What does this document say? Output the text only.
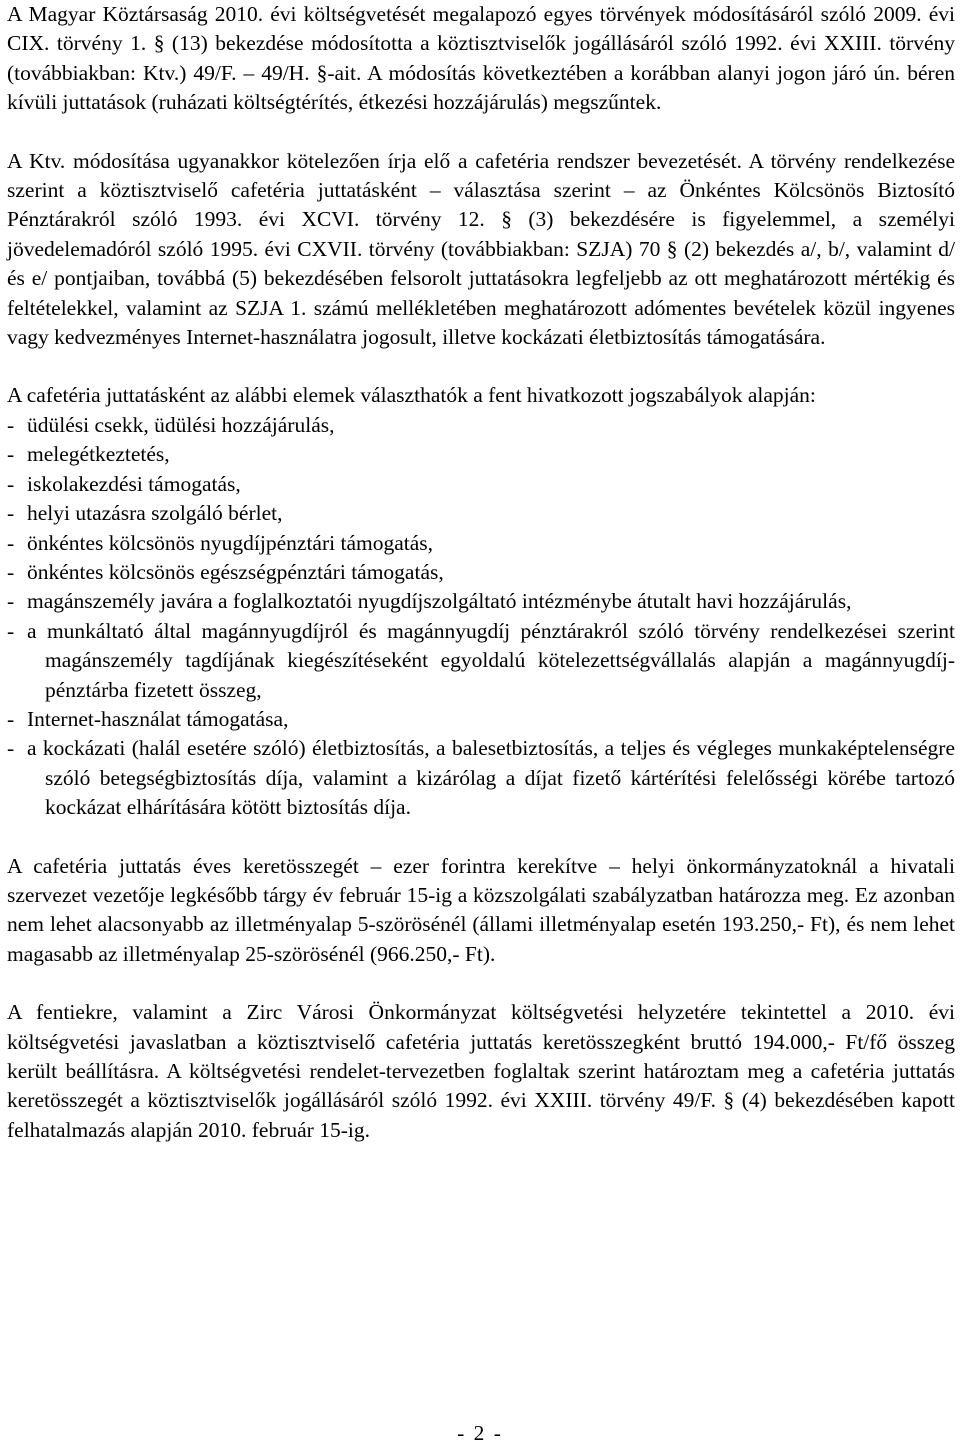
A Magyar Köztársaság 2010. évi költségvetését megalapozó egyes törvények módosításáról szóló 2009. évi CIX. törvény 1. § (13) bekezdése módosította a köztisztviselők jogállásáról szóló 1992. évi XXIII. törvény (továbbiakban: Ktv.) 49/F. – 49/H. §-ait. A módosítás következtében a korábban alanyi jogon járó ún. béren kívüli juttatások (ruházati költségtérítés, étkezési hozzájárulás) megszűntek.

A Ktv. módosítása ugyanakkor kötelezően írja elő a cafetéria rendszer bevezetését. A törvény rendelkezése szerint a köztisztviselő cafetéria juttatásként – választása szerint – az Önkéntes Kölcsönös Biztosító Pénztárakról szóló 1993. évi XCVI. törvény 12. § (3) bekezdésére is figyelemmel, a személyi jövedelemadóról szóló 1995. évi CXVII. törvény (továbbiakban: SZJA) 70 § (2) bekezdés a/, b/, valamint d/ és e/ pontjaiban, továbbá (5) bekezdésében felsorolt juttatásokra legfeljebb az ott meghatározott mértékig és feltételekkel, valamint az SZJA 1. számú mellékletében meghatározott adómentes bevételek közül ingyenes vagy kedvezményes Internet-használatra jogosult, illetve kockázati életbiztosítás támogatására.

A cafetéria juttatásként az alábbi elemek választhatók a fent hivatkozott jogszabályok alapján:

- üdülési csekk, üdülési hozzájárulás,
- melegétkeztetés,
- iskolakezdési támogatás,
- helyi utazásra szolgáló bérlet,
- önkéntes kölcsönös nyugdíjpénztári támogatás,
- önkéntes kölcsönös egészségpénztári támogatás,
- magánszemély javára a foglalkoztatói nyugdíjszolgáltató intézménybe átutalt havi hozzájárulás,
- a munkáltató által magánnyugdíjról és magánnyugdíj pénztárakról szóló törvény rendelkezései szerint magánszemély tagdíjának kiegészítéseként egyoldalú kötelezettségvállalás alapján a magánnyugdíj-pénztárba fizetett összeg,
- Internet-használat támogatása,
- a kockázati (halál esetére szóló) életbiztosítás, a balesetbiztosítás, a teljes és végleges munkaképtelenségre szóló betegségbiztosítás díja, valamint a kizárólag a díjat fizető kártérítési felelősségi körébe tartozó kockázat elhárítására kötött biztosítás díja.

A cafetéria juttatás éves keretösszegét – ezer forintra kerekítve – helyi önkormányzatoknál a hivatali szervezet vezetője legkésőbb tárgy év február 15-ig a közszolgálati szabályzatban határozza meg. Ez azonban nem lehet alacsonyabb az illetményalap 5-szörösénél (állami illetményalap esetén 193.250,- Ft), és nem lehet magasabb az illetményalap 25-szörösénél (966.250,- Ft).

A fentiekre, valamint a Zirc Városi Önkormányzat költségvetési helyzetére tekintettel a 2010. évi költségvetési javaslatban a köztisztviselő cafetéria juttatás keretösszegként bruttó 194.000,- Ft/fő összeg került beállításra. A költségvetési rendelet-tervezetben foglaltak szerint határoztam meg a cafetéria juttatás keretösszegét a köztisztviselők jogállásáról szóló 1992. évi XXIII. törvény 49/F. § (4) bekezdésében kapott felhatalmazás alapján 2010. február 15-ig.

- 2 -
